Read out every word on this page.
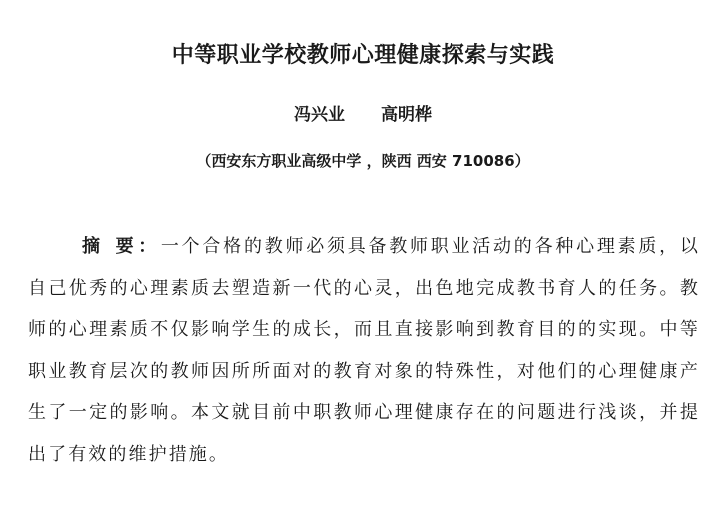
中等职业学校教师心理健康探索与实践
冯兴业 高明桦
（西安东方职业高级中学 ，陕西 西安 710086）
摘 要：一个合格的教师必须具备教师职业活动的各种心理素质，以自己优秀的心理素质去塑造新一代的心灵，出色地完成教书育人的任务。教师的心理素质不仅影响学生的成长，而且直接影响到教育目的的实现。中等职业教育层次的教师因所所面对的教育对象的特殊性，对他们的心理健康产生了一定的影响。本文就目前中职教师心理健康存在的问题进行浅谈，并提出了有效的维护措施。
